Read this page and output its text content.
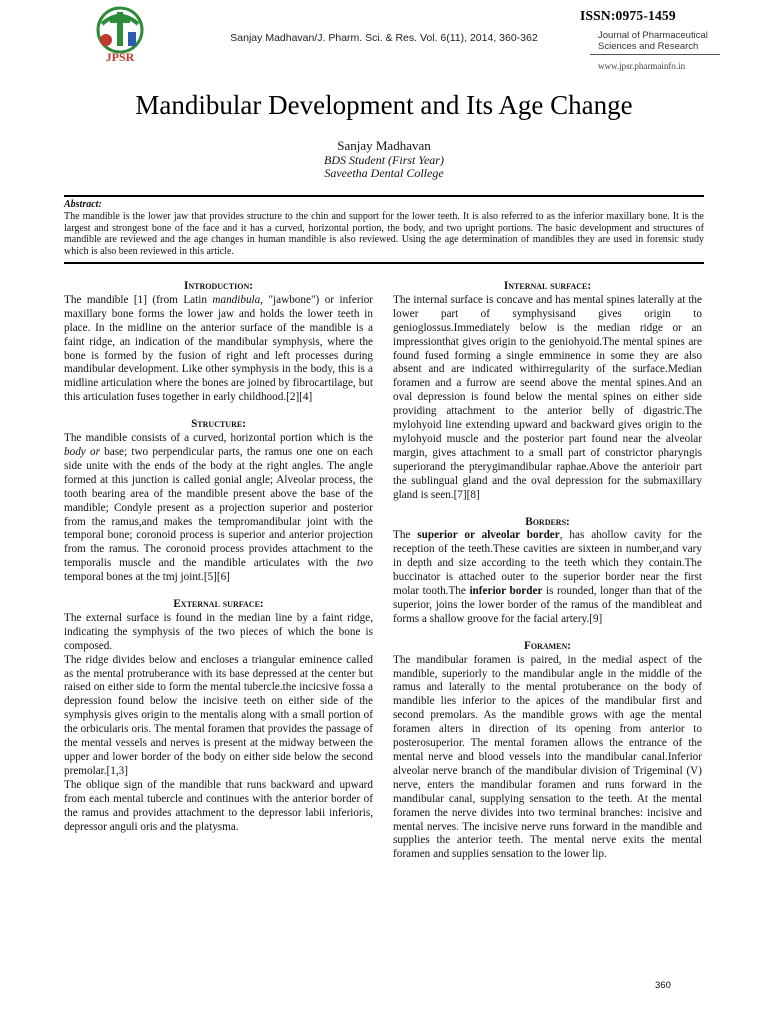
JPSR
Sanjay Madhavan/J. Pharm. Sci. & Res. Vol. 6(11), 2014, 360-362
ISSN:0975-1459
Journal of Pharmaceutical
Sciences and Research
www.jpsr.pharmainfo.in
Mandibular Development and Its Age Change
Sanjay Madhavan
BDS Student (First Year)
Saveetha Dental College
Abstract:
The mandible is the lower jaw that provides structure to the chin and support for the lower teeth. It is also referred to as the inferior maxillary bone. It is the largest and strongest bone of the face and it has a curved, horizontal portion, the body, and two upright portions. The basic development and structures of mandible are reviewed and the age changes in human mandible is also reviewed. Using the age determination of mandibles they are used in forensic study which is also been reviewed in this article.
Introduction:

The mandible [1] (from Latin mandibula, "jawbone") or inferior maxillary bone forms the lower jaw and holds the lower teeth in place. In the midline on the anterior surface of the mandible is a faint ridge, an indication of the mandibular symphysis, where the bone is formed by the fusion of right and left processes during mandibular development. Like other symphysis in the body, this is a midline articulation where the bones are joined by fibrocartilage, but this articulation fuses together in early childhood.[2][4]

Structure:

The mandible consists of a curved, horizontal portion which is the body or base; two perpendicular parts, the ramus one one on each side unite with the ends of the body at the right angles. The angle formed at this junction is called gonial angle; Alveolar process, the tooth bearing area of the mandible present above the base of the mandible; Condyle present as a projection superior and posterior from the ramus,and makes the tempromandibular joint with the temporal bone; coronoid process is superior and anterior projection from the ramus. The coronoid process provides attachment to the temporalis muscle and the mandible articulates with the two temporal bones at the tmj joint.[5][6]

External surface:

The external surface is found in the median line by a faint ridge, indicating the symphysis of the two pieces of which the bone is composed.

The ridge divides below and encloses a triangular eminence called as the mental protruberance with its base depressed at the center but raised on either side to form the mental tubercle.the incicsive fossa a depression found below the incisive teeth on either side of the symphysis gives origin to the mentalis along with a small portion of the orbicularis oris. The mental foramen that provides the passage of the mental vessels and nerves is present at the midway between the upper and lower border of the body on either side below the second premolar.[1,3]

The oblique sign of the mandible that runs backward and upward from each mental tubercle and continues with the anterior border of the ramus and provides attachment to the depressor labii inferioris, depressor anguli oris and the platysma.

Internal surface:

The internal surface is concave and has mental spines laterally at the lower part of symphysisand gives origin to genioglossus.Immediately below is the median ridge or an impressionthat gives origin to the geniohyoid.The mental spines are found fused forming a single emminence in some they are also absent and are indicated withirregularity of the surface.Median foramen and a furrow are seend above the mental spines.And an oval depression is found below the mental spines on either side providing attachment to the anterior belly of digastric.The mylohyoid line extending upward and backward gives origin to the mylohyoid muscle and the posterior part found near the alveolar margin, gives attachment to a small part of constrictor pharyngis superiorand the pterygimandibular raphae.Above the anterioir part the sublingual gland and the oval depression for the submaxillary gland is seen.[7][8]

Borders:

The superior or alveolar border, has ahollow cavity for the reception of the teeth.These cavities are sixteen in number,and vary in depth and size according to the teeth which they contain.The buccinator is attached outer to the superior border near the first molar tooth.The inferior border is rounded, longer than that of the superior, joins the lower border of the ramus of the mandibleat and forms a shallow groove for the facial artery.[9]

Foramen:

The mandibular foramen is paired, in the medial aspect of the mandible, superiorly to the mandibular angle in the middle of the ramus and laterally to the mental protuberance on the body of mandible lies inferior to the apices of the mandibular first and second premolars. As the mandible grows with age the mental foramen alters in direction of its opening from anterior to posterosuperior. The mental foramen allows the entrance of the mental nerve and blood vessels into the mandibular canal.Inferior alveolar nerve branch of the mandibular division of Trigeminal (V) nerve, enters the mandibular foramen and runs forward in the mandibular canal, supplying sensation to the teeth. At the mental foramen the nerve divides into two terminal branches: incisive and mental nerves. The incisive nerve runs forward in the mandible and supplies the anterior teeth. The mental nerve exits the mental foramen and supplies sensation to the lower lip.

360
